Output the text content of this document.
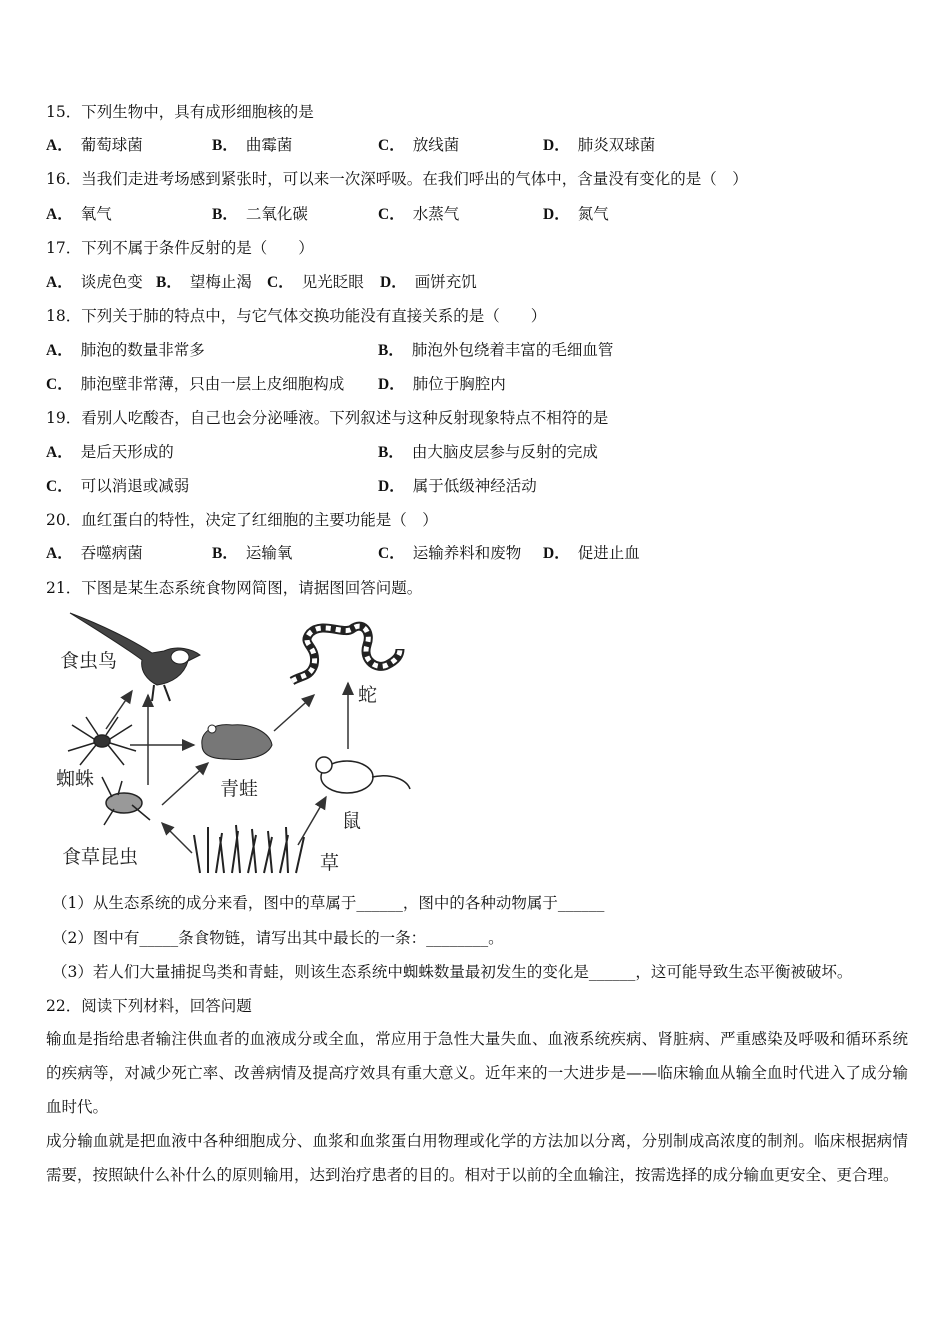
15．下列生物中，具有成形细胞核的是
A． 葡萄球菌	B． 曲霉菌	C． 放线菌	D． 肺炎双球菌
16．当我们走进考场感到紧张时，可以来一次深呼吸。在我们呼出的气体中，含量没有变化的是（　）
A． 氧气	B． 二氧化碳	C． 水蒸气	D． 氮气
17．下列不属于条件反射的是（　　）
A． 谈虎色变 B． 望梅止渴 C． 见光眨眼 D． 画饼充饥
18．下列关于肺的特点中，与它气体交换功能没有直接关系的是（　　）
A． 肺泡的数量非常多	B． 肺泡外包绕着丰富的毛细血管
C． 肺泡壁非常薄，只由一层上皮细胞构成 D． 肺位于胸腔内
19．看别人吃酸杏，自己也会分泌唾液。下列叙述与这种反射现象特点不相符的是
A． 是后天形成的	B． 由大脑皮层参与反射的完成
C． 可以消退或减弱	D． 属于低级神经活动
20．血红蛋白的特性，决定了红细胞的主要功能是（　）
A． 吞噬病菌	B． 运输氧	C． 运输养料和废物 D． 促进止血
21．下图是某生态系统食物网简图，请据图回答问题。
食虫鸟
蛇
蜘蛛	青蛙
鼠
食草昆虫	草
（1）从生态系统的成分来看，图中的草属于______，图中的各种动物属于______
（2）图中有_____条食物链，请写出其中最长的一条：________。
（3）若人们大量捕捉鸟类和青蛙，则该生态系统中蜘蛛数量最初发生的变化是______，这可能导致生态平衡被破坏。
22．阅读下列材料，回答问题
输血是指给患者输注供血者的血液成分或全血，常应用于急性大量失血、血液系统疾病、肾脏病、严重感染及呼吸和循环系统的疾病等，对减少死亡率、改善病情及提高疗效具有重大意义。近年来的一大进步是——临床输血从输全血时代进入了成分输血时代。
成分输血就是把血液中各种细胞成分、血浆和血浆蛋白用物理或化学的方法加以分离，分别制成高浓度的制剂。临床根据病情需要，按照缺什么补什么的原则输用，达到治疗患者的目的。相对于以前的全血输注，按需选择的成分输血更安全、更合理。
